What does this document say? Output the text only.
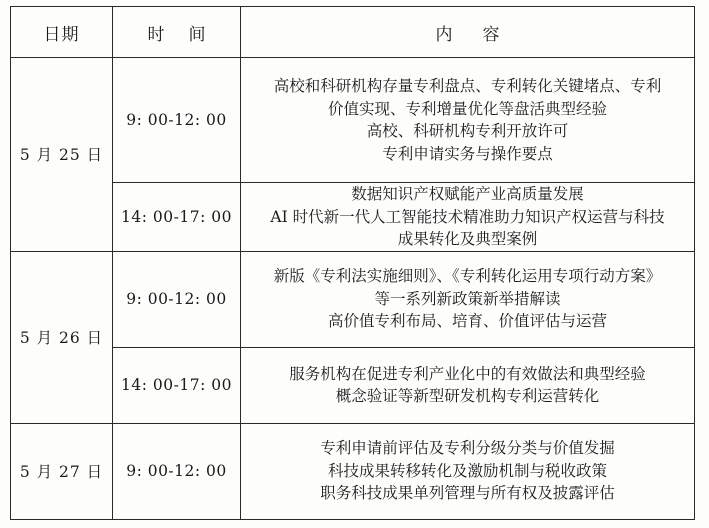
日期	时间	内容
5 月 25 日	9: 00-12: 00	高校和科研机构存量专利盘点、专利转化关键堵点、专利
价值实现、专利增量优化等盘活典型经验
高校、科研机构专利开放许可
专利申请实务与操作要点

	14: 00-17: 00	数据知识产权赋能产业高质量发展
AI 时代新一代人工智能技术精准助力知识产权运营与科技
成果转化及典型案例

5 月 26 日	9: 00-12: 00	新版《专利法实施细则》、《专利转化运用专项行动方案》
等一系列新政策新举措解读
高价值专利布局、培育、价值评估与运营

	14: 00-17: 00	服务机构在促进专利产业化中的有效做法和典型经验
概念验证等新型研发机构专利运营转化

5 月 27 日	9: 00-12: 00	专利申请前评估及专利分级分类与价值发掘
科技成果转移转化及激励机制与税收政策
职务科技成果单列管理与所有权及披露评估
